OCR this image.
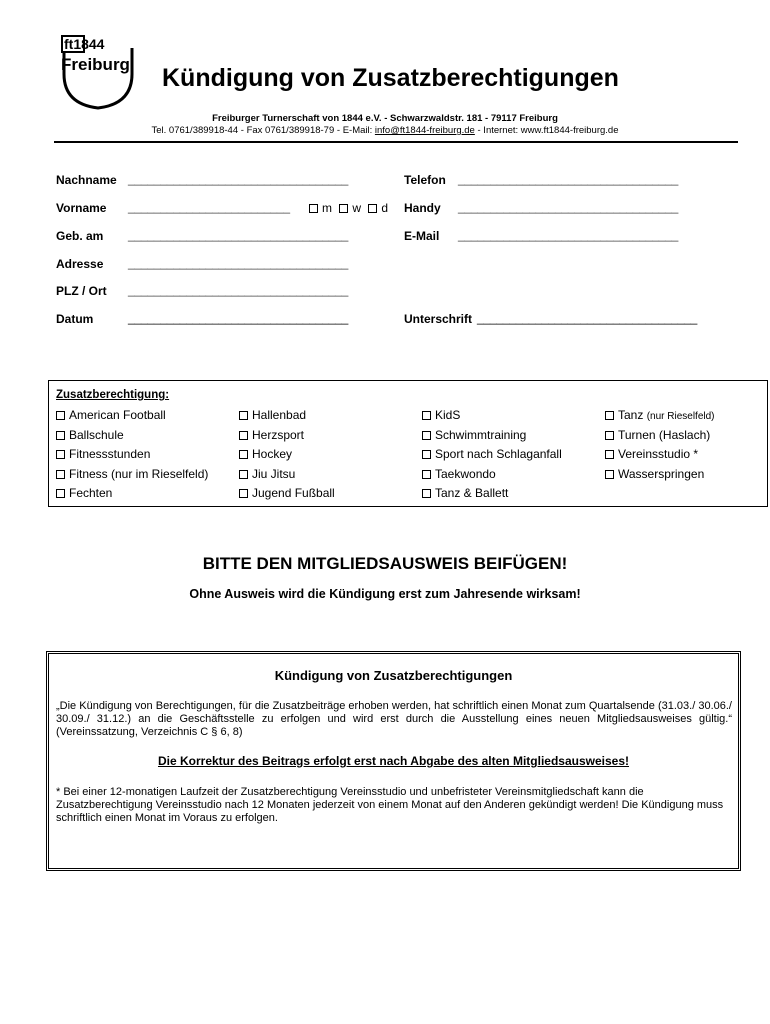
ft1844
Freiburg Kündigung von Zusatzberechtigungen
Freiburger Turnerschaft von 1844 e.V. - Schwarzwaldstr. 181 - 79117 Freiburg
Tel. 0761/389918-44 - Fax 0761/389918-79 - E-Mail: info@ft1844-freiburg.de - Internet: www.ft1844-freiburg.de
Nachname __________________________________	Telefon __________________________________
Vorname _________________________	m w d Handy __________________________________
Geb. am __________________________________	E-Mail __________________________________
Adresse __________________________________
PLZ / Ort __________________________________
Datum	__________________________________	Unterschrift __________________________________
Zusatzberechtigung:
American Football
Ballschule
Fitnessstunden
Fitness (nur im Rieselfeld)
Fechten
Hallenbad
Herzsport
Hockey
Jiu Jitsu
Jugend Fußball
KidS
Schwimmtraining
Sport nach Schlaganfall
Taekwondo
Tanz & Ballett
Tanz (nur Rieselfeld)
Turnen (Haslach)
Vereinsstudio *
Wasserspringen
BITTE DEN MITGLIEDSAUSWEIS BEIFÜGEN!
Ohne Ausweis wird die Kündigung erst zum Jahresende wirksam!
Kündigung von Zusatzberechtigungen
„Die Kündigung von Berechtigungen, für die Zusatzbeiträge erhoben werden, hat schriftlich einen Monat zum Quartalsende (31.03./ 30.06./ 30.09./ 31.12.) an die Geschäftsstelle zu erfolgen und wird erst durch die Ausstellung eines neuen Mitgliedsausweises gültig.“ (Vereinssatzung, Verzeichnis C § 6, 8)
Die Korrektur des Beitrags erfolgt erst nach Abgabe des alten Mitgliedsausweises!
* Bei einer 12-monatigen Laufzeit der Zusatzberechtigung Vereinsstudio und unbefristeter Vereinsmitgliedschaft kann die Zusatzberechtigung Vereinsstudio nach 12 Monaten jederzeit von einem Monat auf den Anderen gekündigt werden! Die Kündigung muss schriftlich einen Monat im Voraus zu erfolgen.
